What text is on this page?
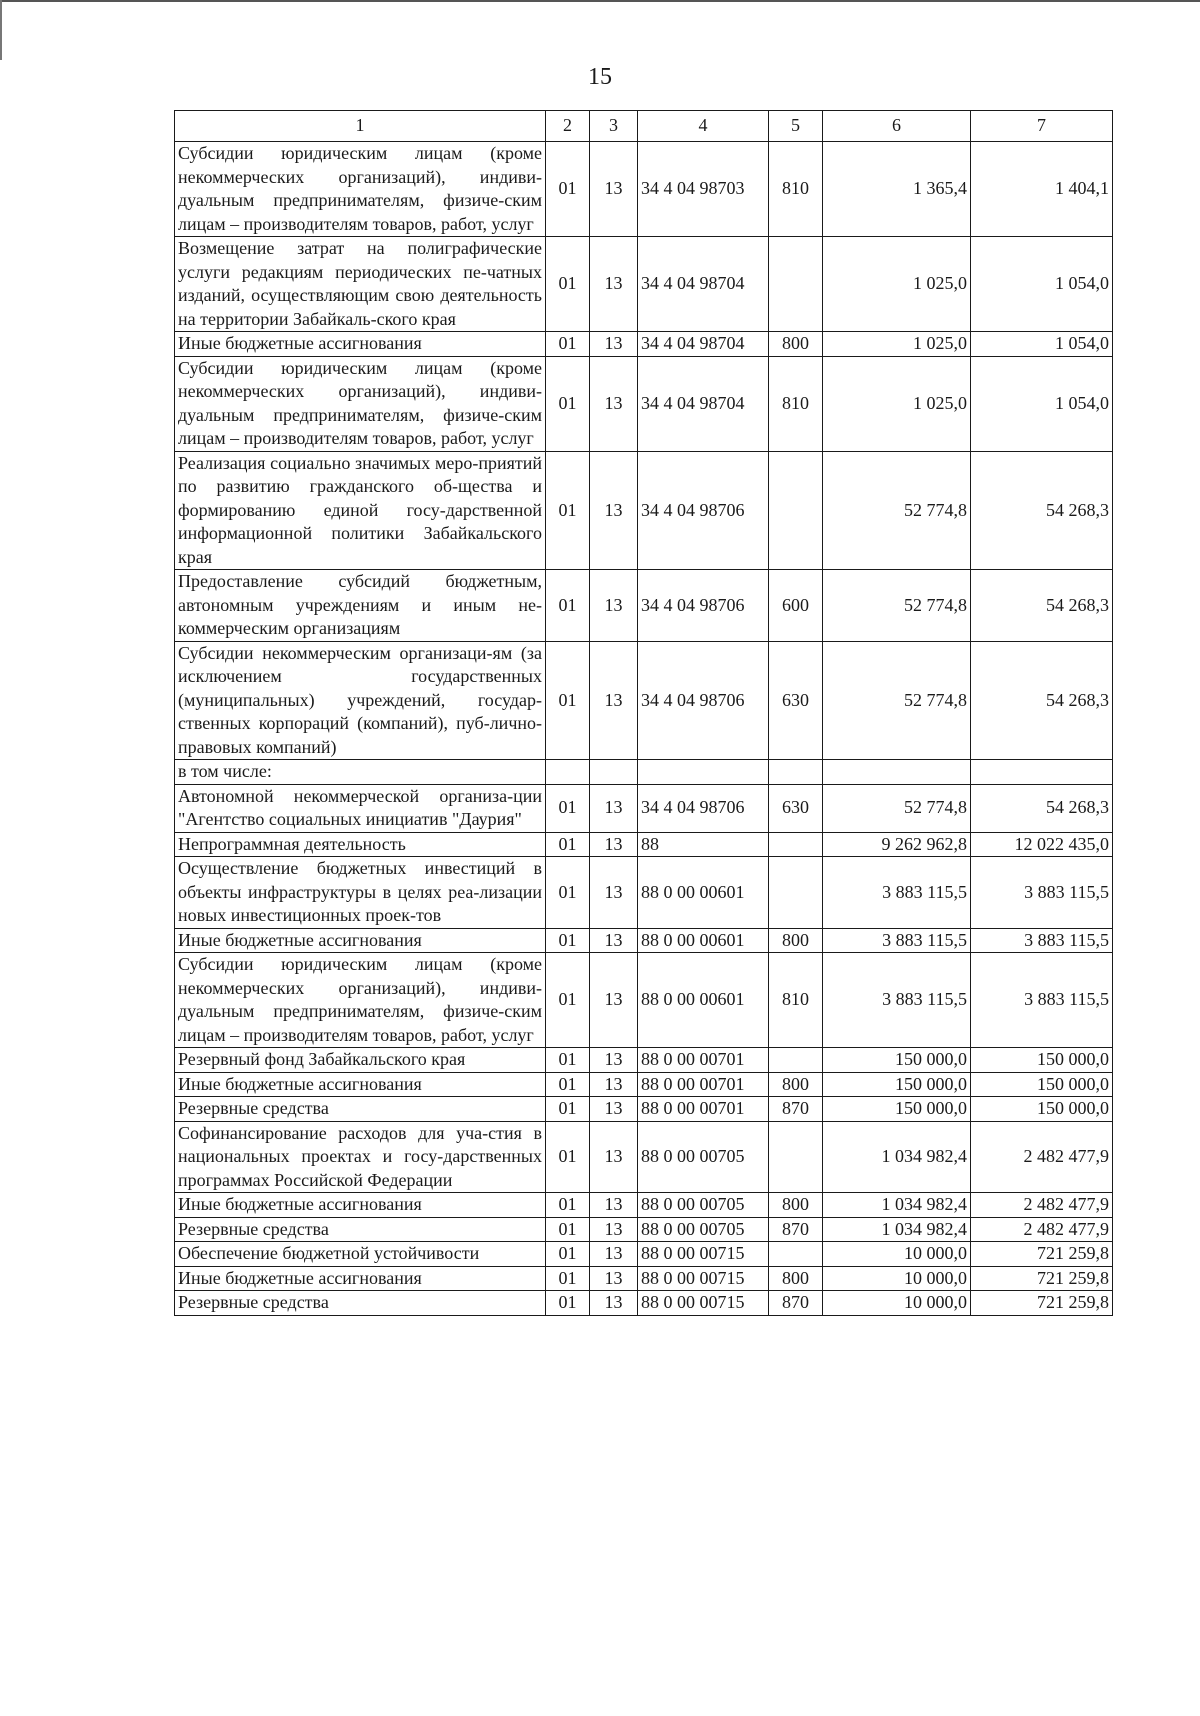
15
1	2	3	4	5	6	7
Субсидии юридическим лицам (кроме некоммерческих организаций), индиви-дуальным предпринимателям, физиче-ским лицам – производителям товаров, работ, услуг	01	13	34 4 04 98703	810	1 365,4	1 404,1
Возмещение затрат на полиграфические услуги редакциям периодических пе-чатных изданий, осуществляющим свою деятельность на территории Забайкаль-ского края	01	13	34 4 04 98704		1 025,0	1 054,0
Иные бюджетные ассигнования	01	13	34 4 04 98704	800	1 025,0	1 054,0
Субсидии юридическим лицам (кроме некоммерческих организаций), индиви-дуальным предпринимателям, физиче-ским лицам – производителям товаров, работ, услуг	01	13	34 4 04 98704	810	1 025,0	1 054,0
Реализация социально значимых меро-приятий по развитию гражданского об-щества и формированию единой госу-дарственной информационной политики Забайкальского края	01	13	34 4 04 98706		52 774,8	54 268,3
Предоставление субсидий бюджетным, автономным учреждениям и иным не-коммерческим организациям	01	13	34 4 04 98706	600	52 774,8	54 268,3
Субсидии некоммерческим организаци-ям (за исключением государственных (муниципальных) учреждений, государ-ственных корпораций (компаний), пуб-лично-правовых компаний)	01	13	34 4 04 98706	630	52 774,8	54 268,3
в том числе:						
Автономной некоммерческой организа-ции "Агентство социальных инициатив "Даурия"	01	13	34 4 04 98706	630	52 774,8	54 268,3
Непрограммная деятельность	01	13	88		9 262 962,8	12 022 435,0
Осуществление бюджетных инвестиций в объекты инфраструктуры в целях реа-лизации новых инвестиционных проек-тов	01	13	88 0 00 00601		3 883 115,5	3 883 115,5
Иные бюджетные ассигнования	01	13	88 0 00 00601	800	3 883 115,5	3 883 115,5
Субсидии юридическим лицам (кроме некоммерческих организаций), индиви-дуальным предпринимателям, физиче-ским лицам – производителям товаров, работ, услуг	01	13	88 0 00 00601	810	3 883 115,5	3 883 115,5
Резервный фонд Забайкальского края	01	13	88 0 00 00701		150 000,0	150 000,0
Иные бюджетные ассигнования	01	13	88 0 00 00701	800	150 000,0	150 000,0
Резервные средства	01	13	88 0 00 00701	870	150 000,0	150 000,0
Софинансирование расходов для уча-стия в национальных проектах и госу-дарственных программах Российской Федерации	01	13	88 0 00 00705		1 034 982,4	2 482 477,9
Иные бюджетные ассигнования	01	13	88 0 00 00705	800	1 034 982,4	2 482 477,9
Резервные средства	01	13	88 0 00 00705	870	1 034 982,4	2 482 477,9
Обеспечение бюджетной устойчивости	01	13	88 0 00 00715		10 000,0	721 259,8
Иные бюджетные ассигнования	01	13	88 0 00 00715	800	10 000,0	721 259,8
Резервные средства	01	13	88 0 00 00715	870	10 000,0	721 259,8
